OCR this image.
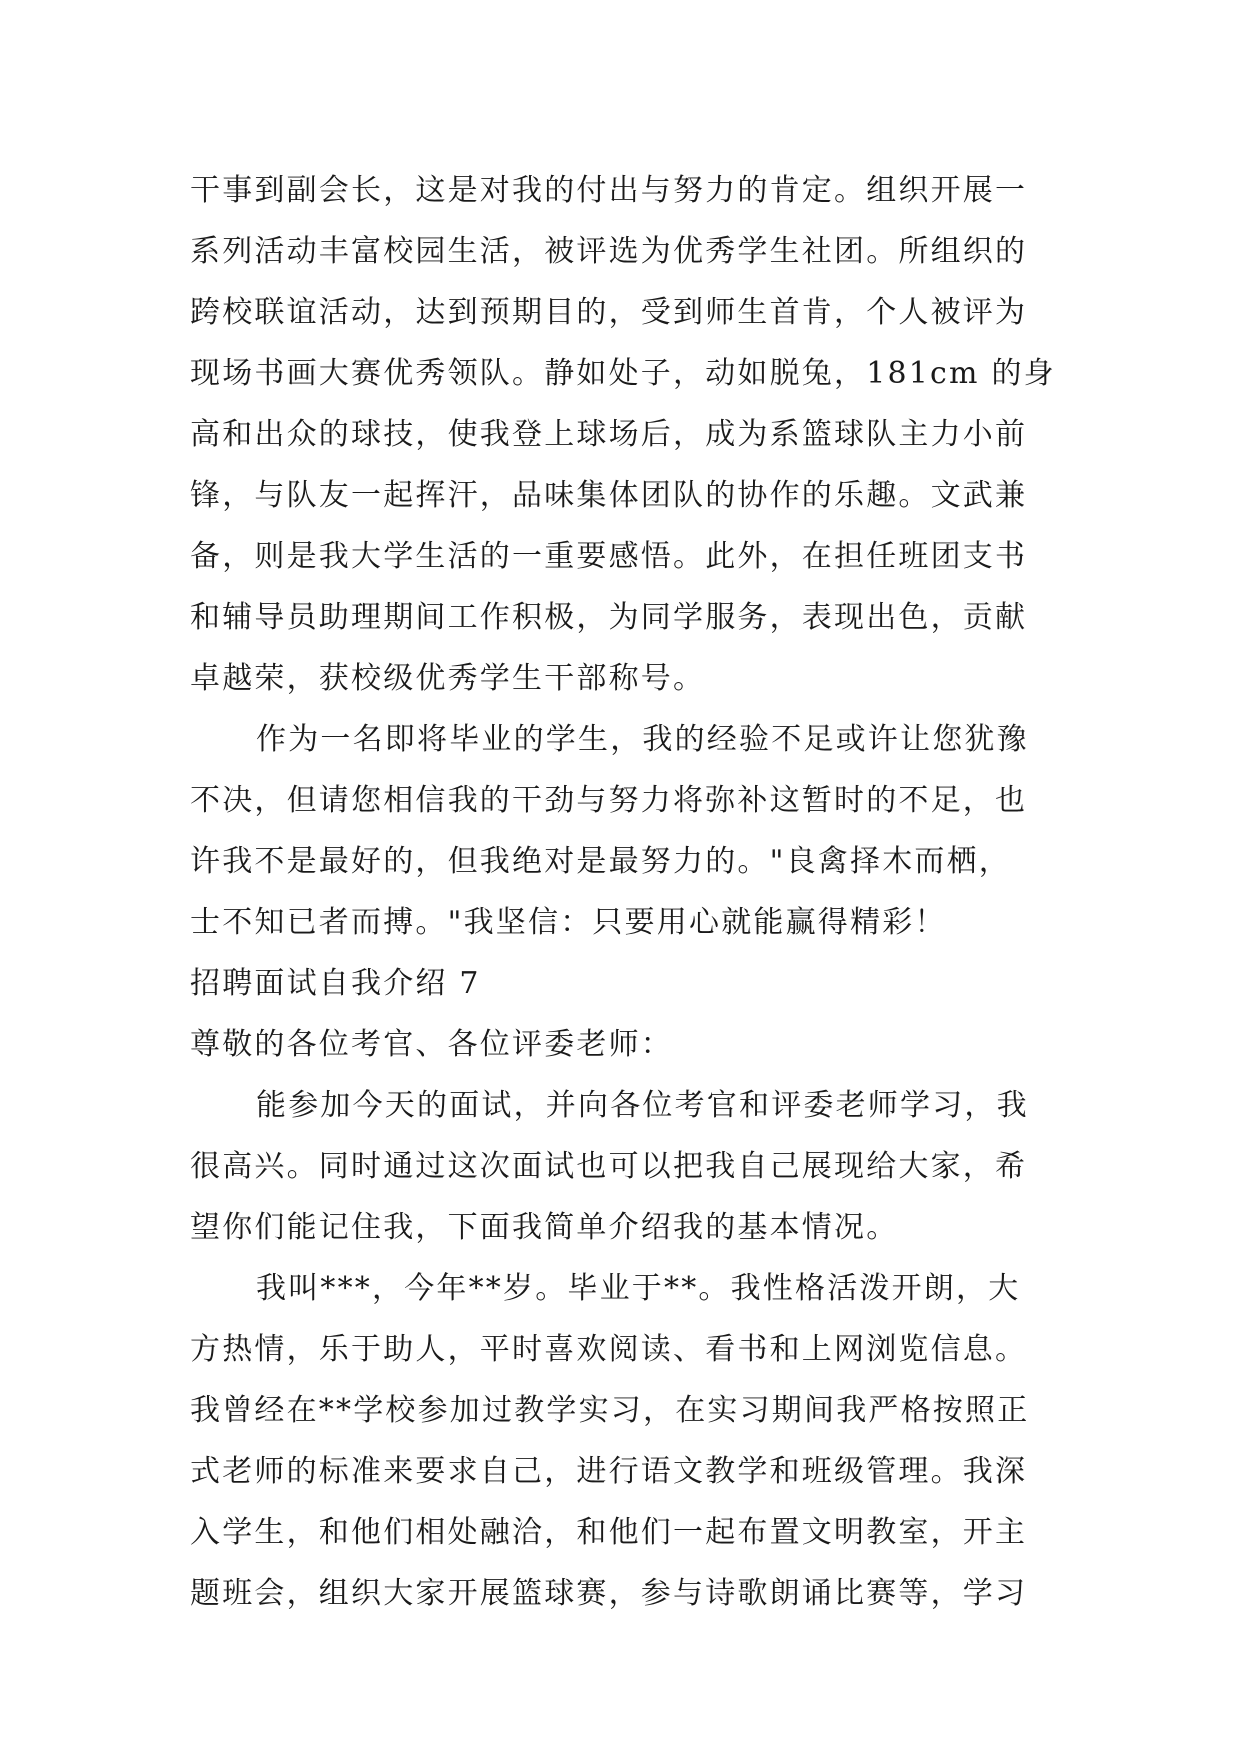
干事到副会长，这是对我的付出与努力的肯定。组织开展一
系列活动丰富校园生活，被评选为优秀学生社团。所组织的
跨校联谊活动，达到预期目的，受到师生首肯，个人被评为
现场书画大赛优秀领队。静如处子，动如脱兔，181cm 的身
高和出众的球技，使我登上球场后，成为系篮球队主力小前
锋，与队友一起挥汗，品味集体团队的协作的乐趣。文武兼
备，则是我大学生活的一重要感悟。此外，在担任班团支书
和辅导员助理期间工作积极，为同学服务，表现出色，贡献
卓越荣，获校级优秀学生干部称号。
作为一名即将毕业的学生，我的经验不足或许让您犹豫
不决，但请您相信我的干劲与努力将弥补这暂时的不足，也
许我不是最好的，但我绝对是最努力的。"良禽择木而栖，
士不知已者而搏。"我坚信：只要用心就能赢得精彩！
招聘面试自我介绍 7
尊敬的各位考官、各位评委老师：
能参加今天的面试，并向各位考官和评委老师学习，我
很高兴。同时通过这次面试也可以把我自己展现给大家，希
望你们能记住我，下面我简单介绍我的基本情况。
我叫***，今年**岁。毕业于**。我性格活泼开朗，大
方热情，乐于助人，平时喜欢阅读、看书和上网浏览信息。
我曾经在**学校参加过教学实习，在实习期间我严格按照正
式老师的标准来要求自己，进行语文教学和班级管理。我深
入学生，和他们相处融洽，和他们一起布置文明教室，开主
题班会，组织大家开展篮球赛，参与诗歌朗诵比赛等，学习
